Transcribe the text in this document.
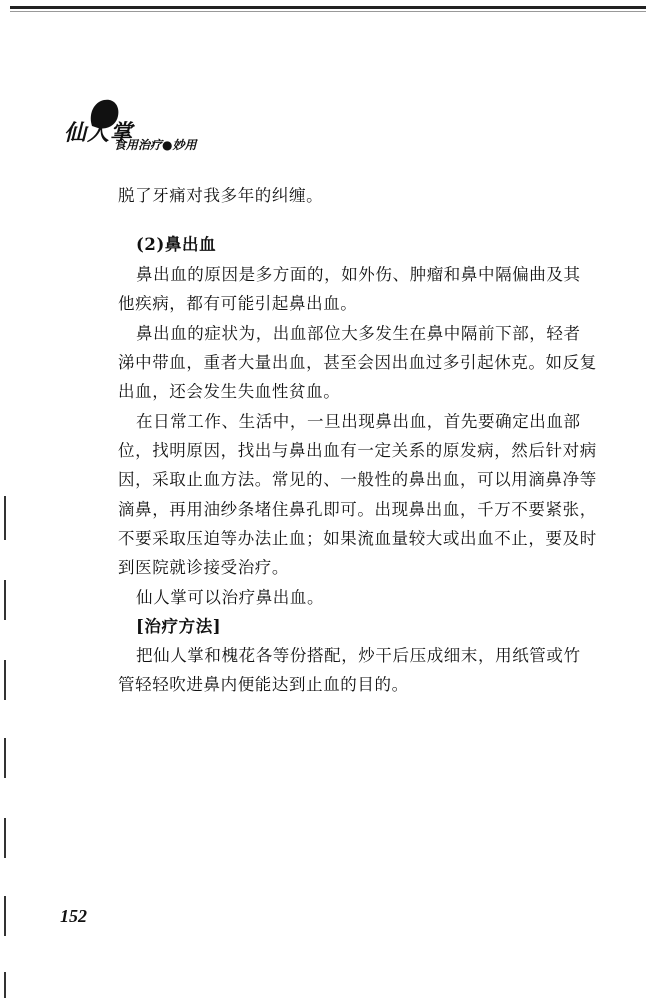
仙人掌
食用治疗●妙用
脱了牙痛对我多年的纠缠。
(2)鼻出血
鼻出血的原因是多方面的，如外伤、肿瘤和鼻中隔偏曲及其
他疾病，都有可能引起鼻出血。
鼻出血的症状为，出血部位大多发生在鼻中隔前下部，轻者
涕中带血，重者大量出血，甚至会因出血过多引起休克。如反复
出血，还会发生失血性贫血。
在日常工作、生活中，一旦出现鼻出血，首先要确定出血部
位，找明原因，找出与鼻出血有一定关系的原发病，然后针对病
因，采取止血方法。常见的、一般性的鼻出血，可以用滴鼻净等
滴鼻，再用油纱条堵住鼻孔即可。出现鼻出血，千万不要紧张，
不要采取压迫等办法止血；如果流血量较大或出血不止，要及时
到医院就诊接受治疗。
仙人掌可以治疗鼻出血。
[治疗方法]
把仙人掌和槐花各等份搭配，炒干后压成细末，用纸管或竹
管轻轻吹进鼻内便能达到止血的目的。
152
